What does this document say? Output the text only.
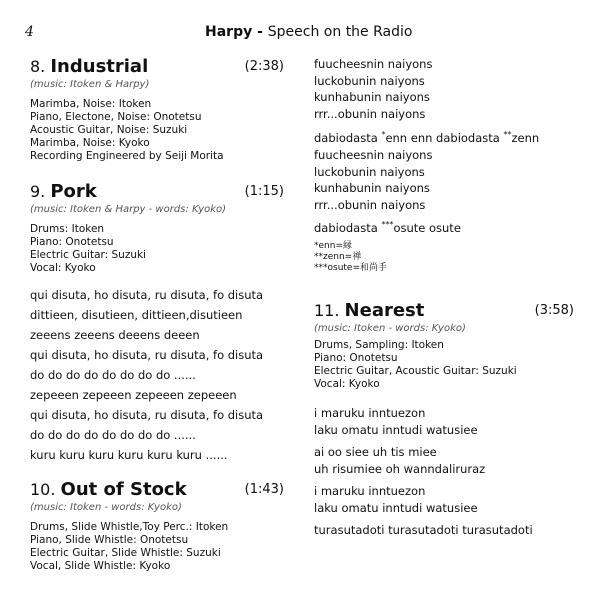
4	Harpy - Speech on the Radio
8. Industrial	(2:38)
(music: Itoken & Harpy)
Marimba, Noise: Itoken
Piano, Electone, Noise: Onotetsu
Acoustic Guitar, Noise: Suzuki
Marimba, Noise: Kyoko
Recording Engineered by Seiji Morita
9. Pork	(1:15)
(music: Itoken & Harpy - words: Kyoko)
Drums: Itoken
Piano: Onotetsu
Electric Guitar: Suzuki
Vocal: Kyoko
qui disuta, ho disuta, ru disuta, fo disuta
dittieen, disutieen, dittieen,disutieen
zeeens zeeens deeens deeen
qui disuta, ho disuta, ru disuta, fo disuta
do do do do do do do do ......
zepeeen zepeeen zepeeen zepeeen
qui disuta, ho disuta, ru disuta, fo disuta
do do do do do do do do ......
kuru kuru kuru kuru kuru kuru ......
10. Out of Stock	(1:43)
(music: Itoken - words: Kyoko)
Drums, Slide Whistle,Toy Perc.: Itoken
Piano, Slide Whistle: Onotetsu
Electric Guitar, Slide Whistle: Suzuki
Vocal, Slide Whistle: Kyoko
fuucheesnin naiyons
luckobunin naiyons
kunhabunin naiyons
rrr...obunin naiyons
dabiodasta *enn enn dabiodasta **zenn
fuucheesnin naiyons
luckobunin naiyons
kunhabunin naiyons
rrr...obunin naiyons
dabiodasta ***osute osute
*enn=縁
**zenn=禅
***osute=和尚手
11. Nearest	(3:58)
(music: Itoken - words: Kyoko)
Drums, Sampling: Itoken
Piano: Onotetsu
Electric Guitar, Acoustic Guitar: Suzuki
Vocal: Kyoko
i maruku inntuezon
laku omatu inntudi watusiee
ai oo siee uh tis miee
uh risumiee oh wanndaliruraz
i maruku inntuezon
laku omatu inntudi watusiee
turasutadoti turasutadoti turasutadoti
